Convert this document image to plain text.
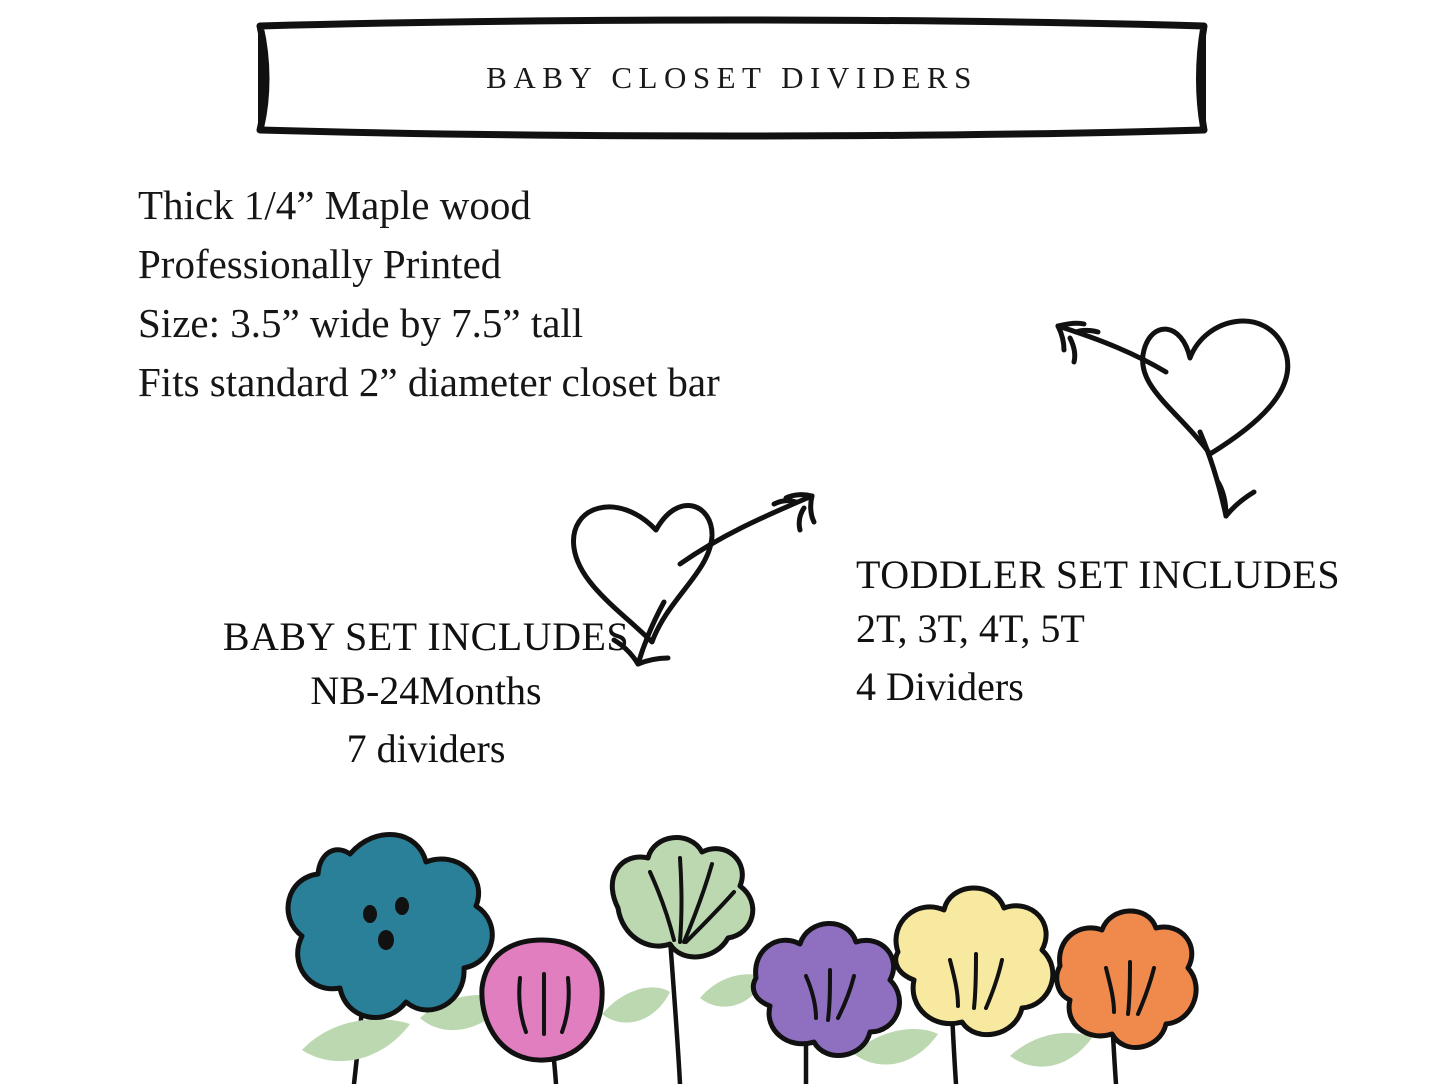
BABY CLOSET DIVIDERS
Thick 1/4” Maple wood
Professionally Printed
Size: 3.5” wide by 7.5” tall
Fits standard 2” diameter closet bar
BABY SET INCLUDES
NB-24Months
7 dividers
TODDLER SET INCLUDES
2T, 3T, 4T, 5T
4 Dividers
